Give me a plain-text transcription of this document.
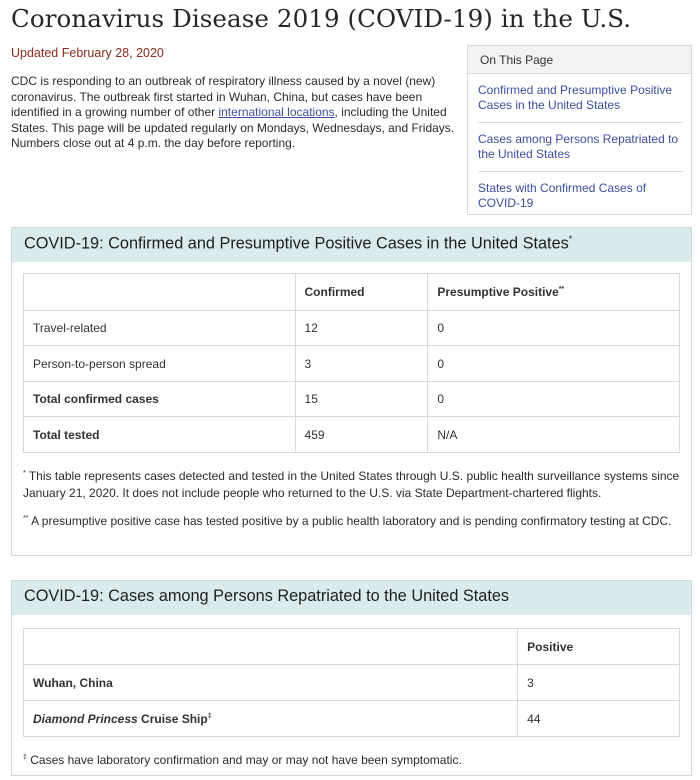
Coronavirus Disease 2019 (COVID-19) in the U.S.
Updated February 28, 2020

CDC is responding to an outbreak of respiratory illness caused by a novel (new) coronavirus. The outbreak first started in Wuhan, China, but cases have been identified in a growing number of other international locations, including the United States. This page will be updated regularly on Mondays, Wednesdays, and Fridays. Numbers close out at 4 p.m. the day before reporting.

On This Page
Confirmed and Presumptive Positive Cases in the United States
Cases among Persons Repatriated to the United States
States with Confirmed Cases of COVID-19
COVID-19: Confirmed and Presumptive Positive Cases in the United States*
	Confirmed	Presumptive Positive**
Travel-related	12	0
Person-to-person spread	3	0
Total confirmed cases	15	0
Total tested	459	N/A

* This table represents cases detected and tested in the United States through U.S. public health surveillance systems since January 21, 2020. It does not include people who returned to the U.S. via State Department-chartered flights.

** A presumptive positive case has tested positive by a public health laboratory and is pending confirmatory testing at CDC.

COVID-19: Cases among Persons Repatriated to the United States
	Positive
Wuhan, China	3
Diamond Princess Cruise Ship‡	44

‡ Cases have laboratory confirmation and may or may not have been symptomatic.
